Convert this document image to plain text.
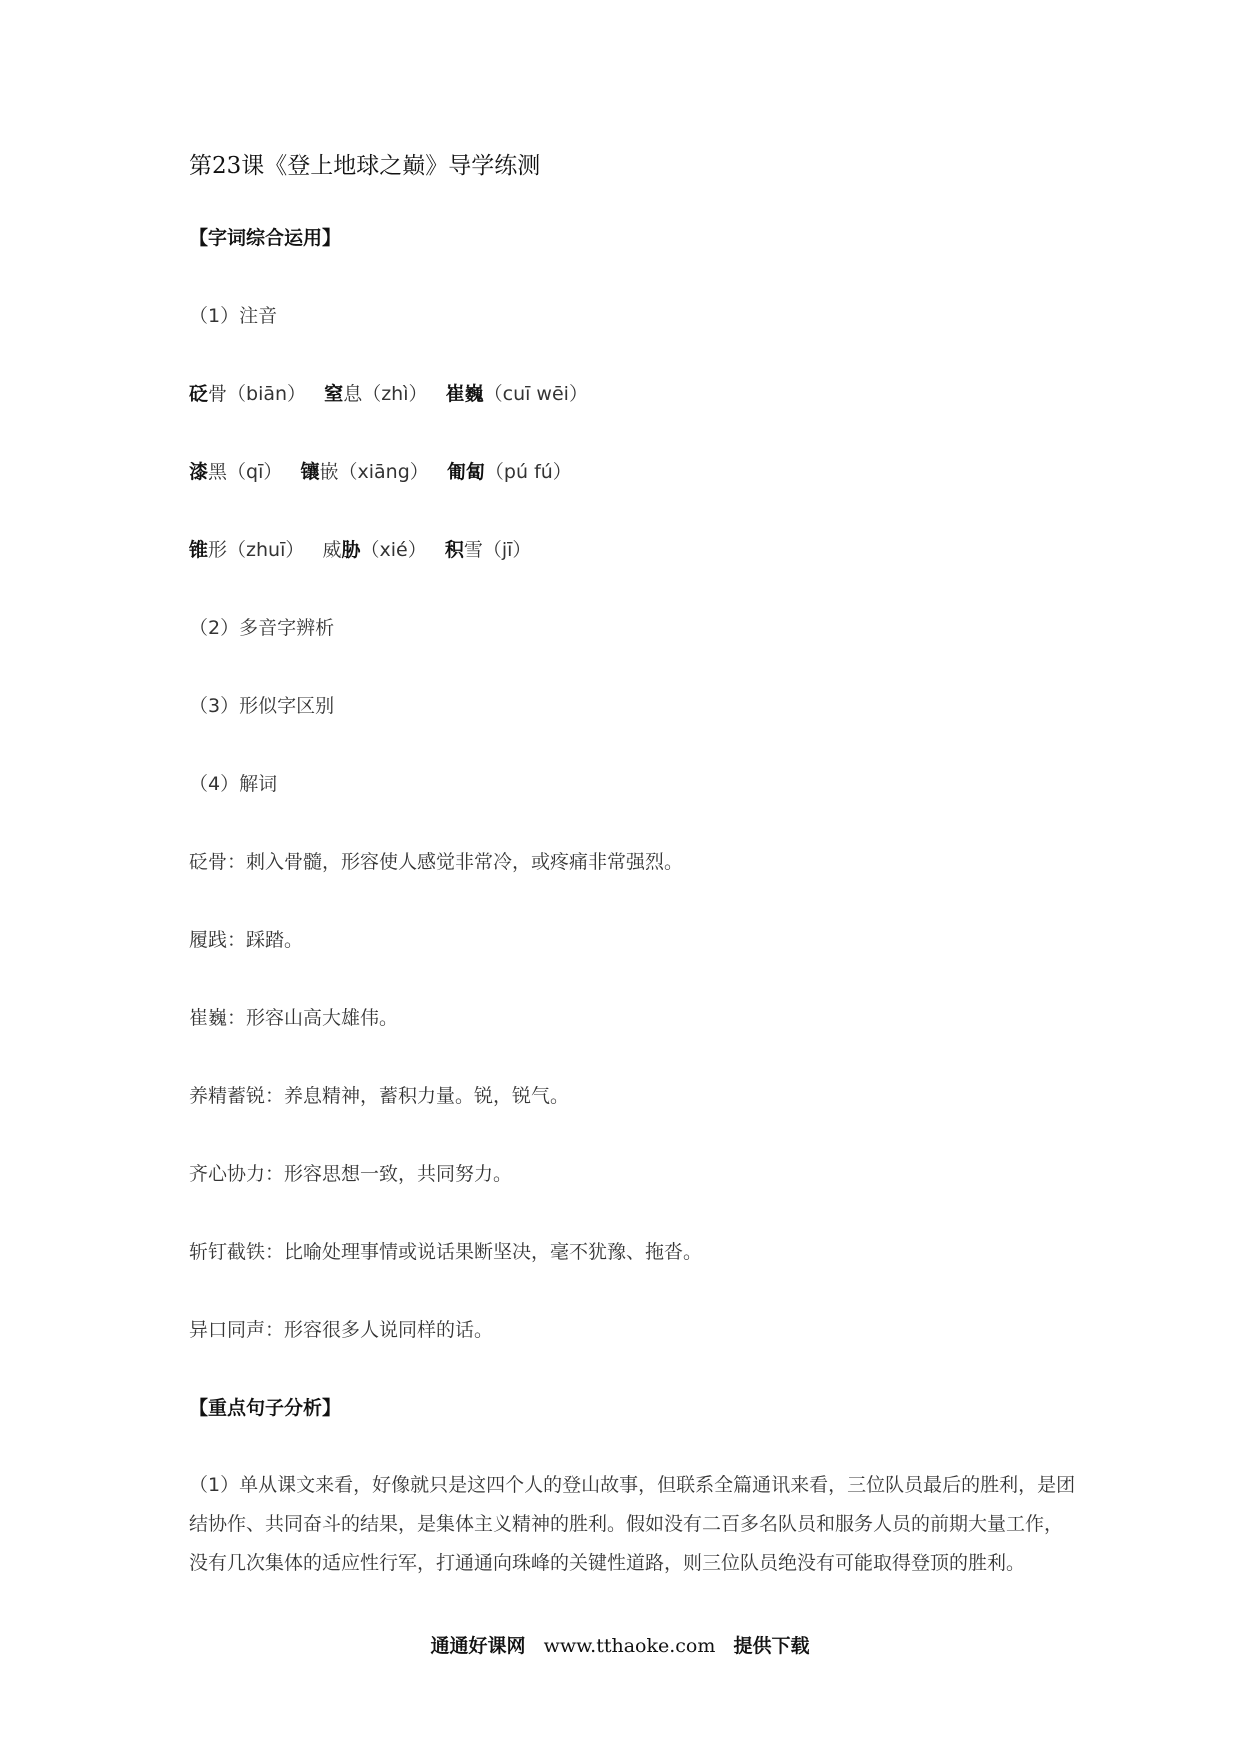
第23课《登上地球之巅》导学练测
【字词综合运用】
（1）注音
砭骨（biān） 窒息（zhì） 崔巍（cuī wēi）
漆黑（qī） 镶嵌（xiāng） 匍匐（pú fú）
锥形（zhuī） 威胁（xié） 积雪（jī）
（2）多音字辨析
（3）形似字区别
（4）解词
砭骨：刺入骨髓，形容使人感觉非常冷，或疼痛非常强烈。
履践：踩踏。
崔巍：形容山高大雄伟。
养精蓄锐：养息精神，蓄积力量。锐，锐气。
齐心协力：形容思想一致，共同努力。
斩钉截铁：比喻处理事情或说话果断坚决，毫不犹豫、拖沓。
异口同声：形容很多人说同样的话。
【重点句子分析】
（1）单从课文来看，好像就只是这四个人的登山故事，但联系全篇通讯来看，三位队员最后的胜利，是团
结协作、共同奋斗的结果，是集体主义精神的胜利。假如没有二百多名队员和服务人员的前期大量工作，
没有几次集体的适应性行军，打通通向珠峰的关键性道路，则三位队员绝没有可能取得登顶的胜利。
通通好课网 www.tthaoke.com 提供下载
